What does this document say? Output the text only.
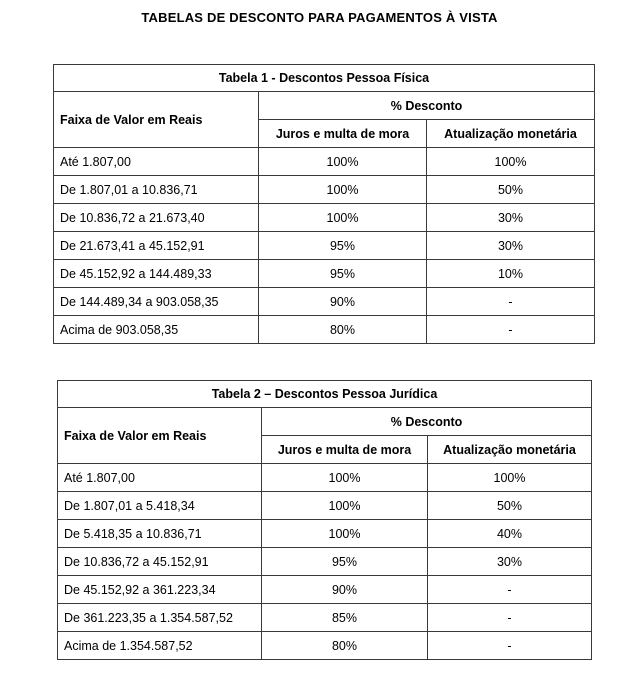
TABELAS DE DESCONTO PARA PAGAMENTOS À VISTA
Tabela 1 - Descontos Pessoa Física		
Faixa de Valor em Reais	% Desconto	
	Juros e multa de mora	Atualização monetária
Até 1.807,00	100%	100%
De 1.807,01 a 10.836,71	100%	50%
De 10.836,72 a 21.673,40	100%	30%
De 21.673,41 a 45.152,91	95%	30%
De 45.152,92 a 144.489,33	95%	10%
De 144.489,34 a 903.058,35	90%	-
Acima de 903.058,35	80%	-
Tabela 2 – Descontos Pessoa Jurídica		
Faixa de Valor em Reais	% Desconto	
	Juros e multa de mora	Atualização monetária
Até 1.807,00	100%	100%
De 1.807,01 a 5.418,34	100%	50%
De 5.418,35 a 10.836,71	100%	40%
De 10.836,72 a 45.152,91	95%	30%
De 45.152,92 a 361.223,34	90%	-
De 361.223,35 a 1.354.587,52	85%	-
Acima de 1.354.587,52	80%	-
